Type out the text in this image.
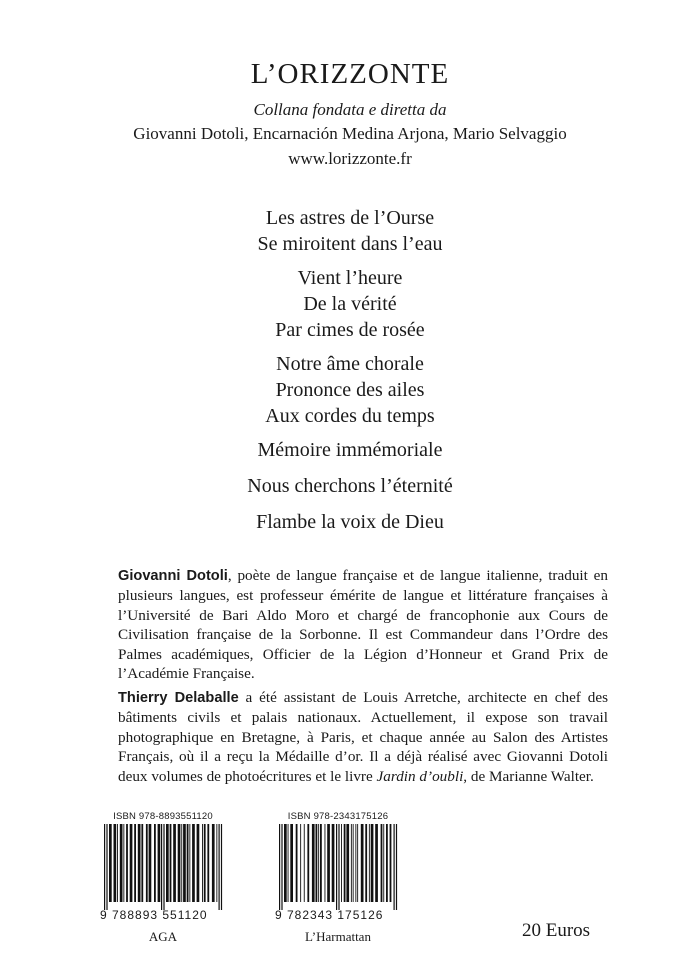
L’ORIZZONTE
Collana fondata e diretta da
Giovanni Dotoli, Encarnación Medina Arjona, Mario Selvaggio
www.lorizzonte.fr
Les astres de l’Ourse
Se miroitent dans l’eau
Vient l’heure
De la vérité
Par cimes de rosée
Notre âme chorale
Prononce des ailes
Aux cordes du temps
Mémoire immémoriale
Nous cherchons l’éternité
Flambe la voix de Dieu
Giovanni Dotoli, poète de langue française et de langue italienne, traduit en plusieurs langues, est professeur émérite de langue et littérature françaises à l’Université de Bari Aldo Moro et chargé de francophonie aux Cours de Civilisation française de la Sorbonne. Il est Commandeur dans l’Ordre des Palmes académiques, Officier de la Légion d’Honneur et Grand Prix de l’Académie Française.
Thierry Delaballe a été assistant de Louis Arretche, architecte en chef des bâtiments civils et palais nationaux. Actuellement, il expose son travail photographique en Bretagne, à Paris, et chaque année au Salon des Artistes Français, où il a reçu la Médaille d’or. Il a déjà réalisé avec Giovanni Dotoli deux volumes de photoécritures et le livre Jardin d’oubli, de Marianne Walter.
ISBN 978-8893551120
9 788893 551120
AGA
ISBN 978-2343175126
9 782343 175126
L’Harmattan	20 Euros
